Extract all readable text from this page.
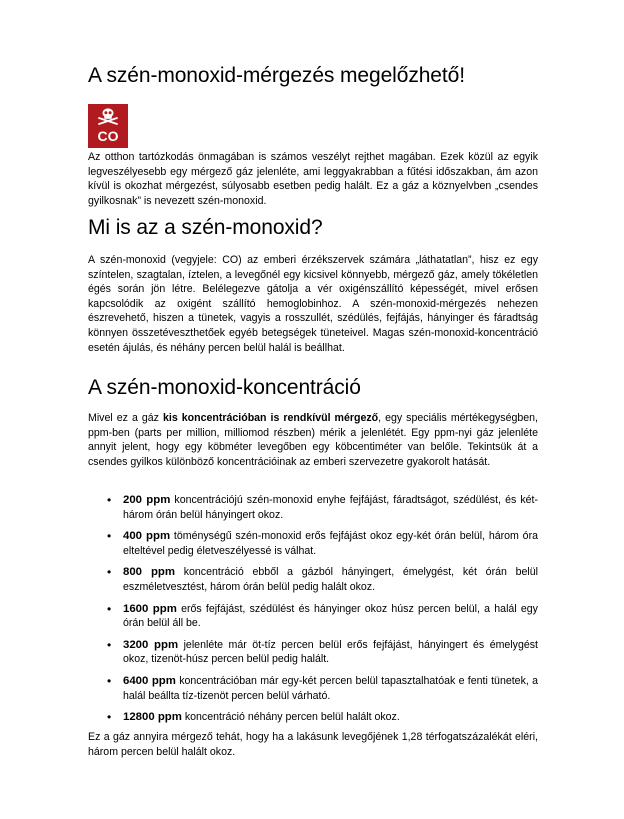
A szén-monoxid-mérgezés megelőzhető!
CO

Az otthon tartózkodás önmagában is számos veszélyt rejthet magában. Ezek közül az egyik legveszélyesebb egy mérgező gáz jelenléte, ami leggyakrabban a fűtési időszakban, ám azon kívül is okozhat mérgezést, súlyosabb esetben pedig halált. Ez a gáz a köznyelvben „csendes gyilkosnak” is nevezett szén-monoxid.

Mi is az a szén-monoxid?

A szén-monoxid (vegyjele: CO) az emberi érzékszervek számára „láthatatlan”, hisz ez egy színtelen, szagtalan, íztelen, a levegőnél egy kicsivel könnyebb, mérgező gáz, amely tökéletlen égés során jön létre. Belélegezve gátolja a vér oxigénszállító képességét, mivel erősen kapcsolódik az oxigént szállító hemoglobinhoz. A szén-monoxid-mérgezés nehezen észrevehető, hiszen a tünetek, vagyis a rosszullét, szédülés, fejfájás, hányinger és fáradtság könnyen összetéveszthetőek egyéb betegségek tüneteivel. Magas szén-monoxid-koncentráció esetén ájulás, és néhány percen belül halál is beállhat.

A szén-monoxid-koncentráció

Mivel ez a gáz kis koncentrációban is rendkívül mérgező, egy speciális mértékegységben, ppm-ben (parts per million, milliomod részben) mérik a jelenlétét. Egy ppm-nyi gáz jelenléte annyit jelent, hogy egy köbméter levegőben egy köbcentiméter van belőle. Tekintsük át a csendes gyilkos különböző koncentrációinak az emberi szervezetre gyakorolt hatását.

• 200 ppm koncentrációjú szén-monoxid enyhe fejfájást, fáradtságot, szédülést, és két-három órán belül hányingert okoz.
• 400 ppm töménységű szén-monoxid erős fejfájást okoz egy-két órán belül, három óra elteltével pedig életveszélyessé is válhat.
• 800 ppm koncentráció ebből a gázból hányingert, émelygést, két órán belül eszméletvesztést, három órán belül pedig halált okoz.
• 1600 ppm erős fejfájást, szédülést és hányinger okoz húsz percen belül, a halál egy órán belül áll be.
• 3200 ppm jelenléte már öt-tíz percen belül erős fejfájást, hányingert és émelygést okoz, tizenöt-húsz percen belül pedig halált.
• 6400 ppm koncentrációban már egy-két percen belül tapasztalhatóak e fenti tünetek, a halál beállta tíz-tizenöt percen belül várható.
• 12800 ppm koncentráció néhány percen belül halált okoz.

Ez a gáz annyira mérgező tehát, hogy ha a lakásunk levegőjének 1,28 térfogatszázalékát eléri, három percen belül halált okoz.
